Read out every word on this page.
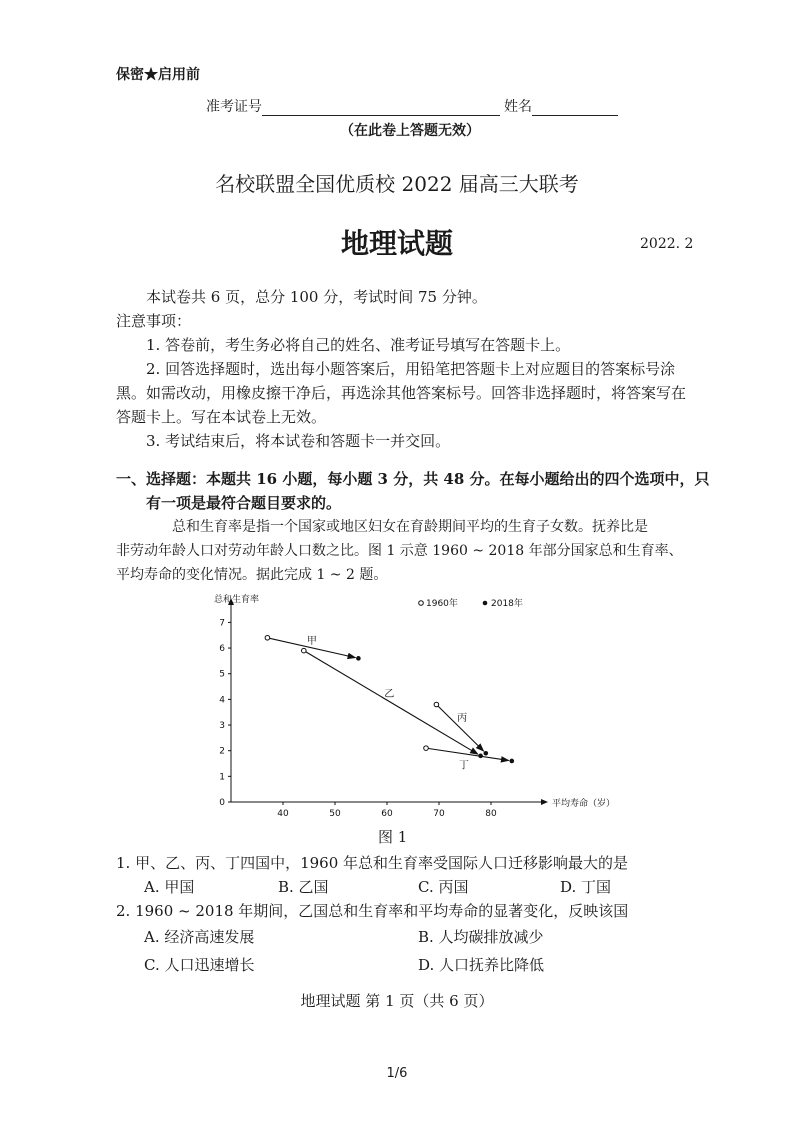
保密★启用前
准考证号	姓名
（在此卷上答题无效）
名校联盟全国优质校 2022 届高三大联考
地理试题	2022. 2
本试卷共 6 页，总分 100 分，考试时间 75 分钟。
注意事项：
1. 答卷前，考生务必将自己的姓名、准考证号填写在答题卡上。
2. 回答选择题时，选出每小题答案后，用铅笔把答题卡上对应题目的答案标号涂
黑。如需改动，用橡皮擦干净后，再选涂其他答案标号。回答非选择题时，将答案写在
答题卡上。写在本试卷上无效。
3. 考试结束后，将本试卷和答题卡一并交回。
一、选择题：本题共 16 小题，每小题 3 分，共 48 分。在每小题给出的四个选项中，只
有一项是最符合题目要求的。
总和生育率是指一个国家或地区妇女在育龄期间平均的生育子女数。抚养比是
非劳动年龄人口对劳动年龄人口数之比。图 1 示意 1960 ~ 2018 年部分国家总和生育率、
平均寿命的变化情况。据此完成 1 ~ 2 题。
总和生育率
平均寿命（岁）
0
1
2
3
4
5
6
7
40	50	60	70	80
1960年	2018年
甲
乙
丙
丁
图 1
1. 甲、乙、丙、丁四国中，1960 年总和生育率受国际人口迁移影响最大的是
A. 甲国	B. 乙国	C. 丙国	D. 丁国
2. 1960 ~ 2018 年期间，乙国总和生育率和平均寿命的显著变化，反映该国
A. 经济高速发展	B. 人均碳排放减少
C. 人口迅速增长	D. 人口抚养比降低
地理试题 第 1 页（共 6 页）
1/6
